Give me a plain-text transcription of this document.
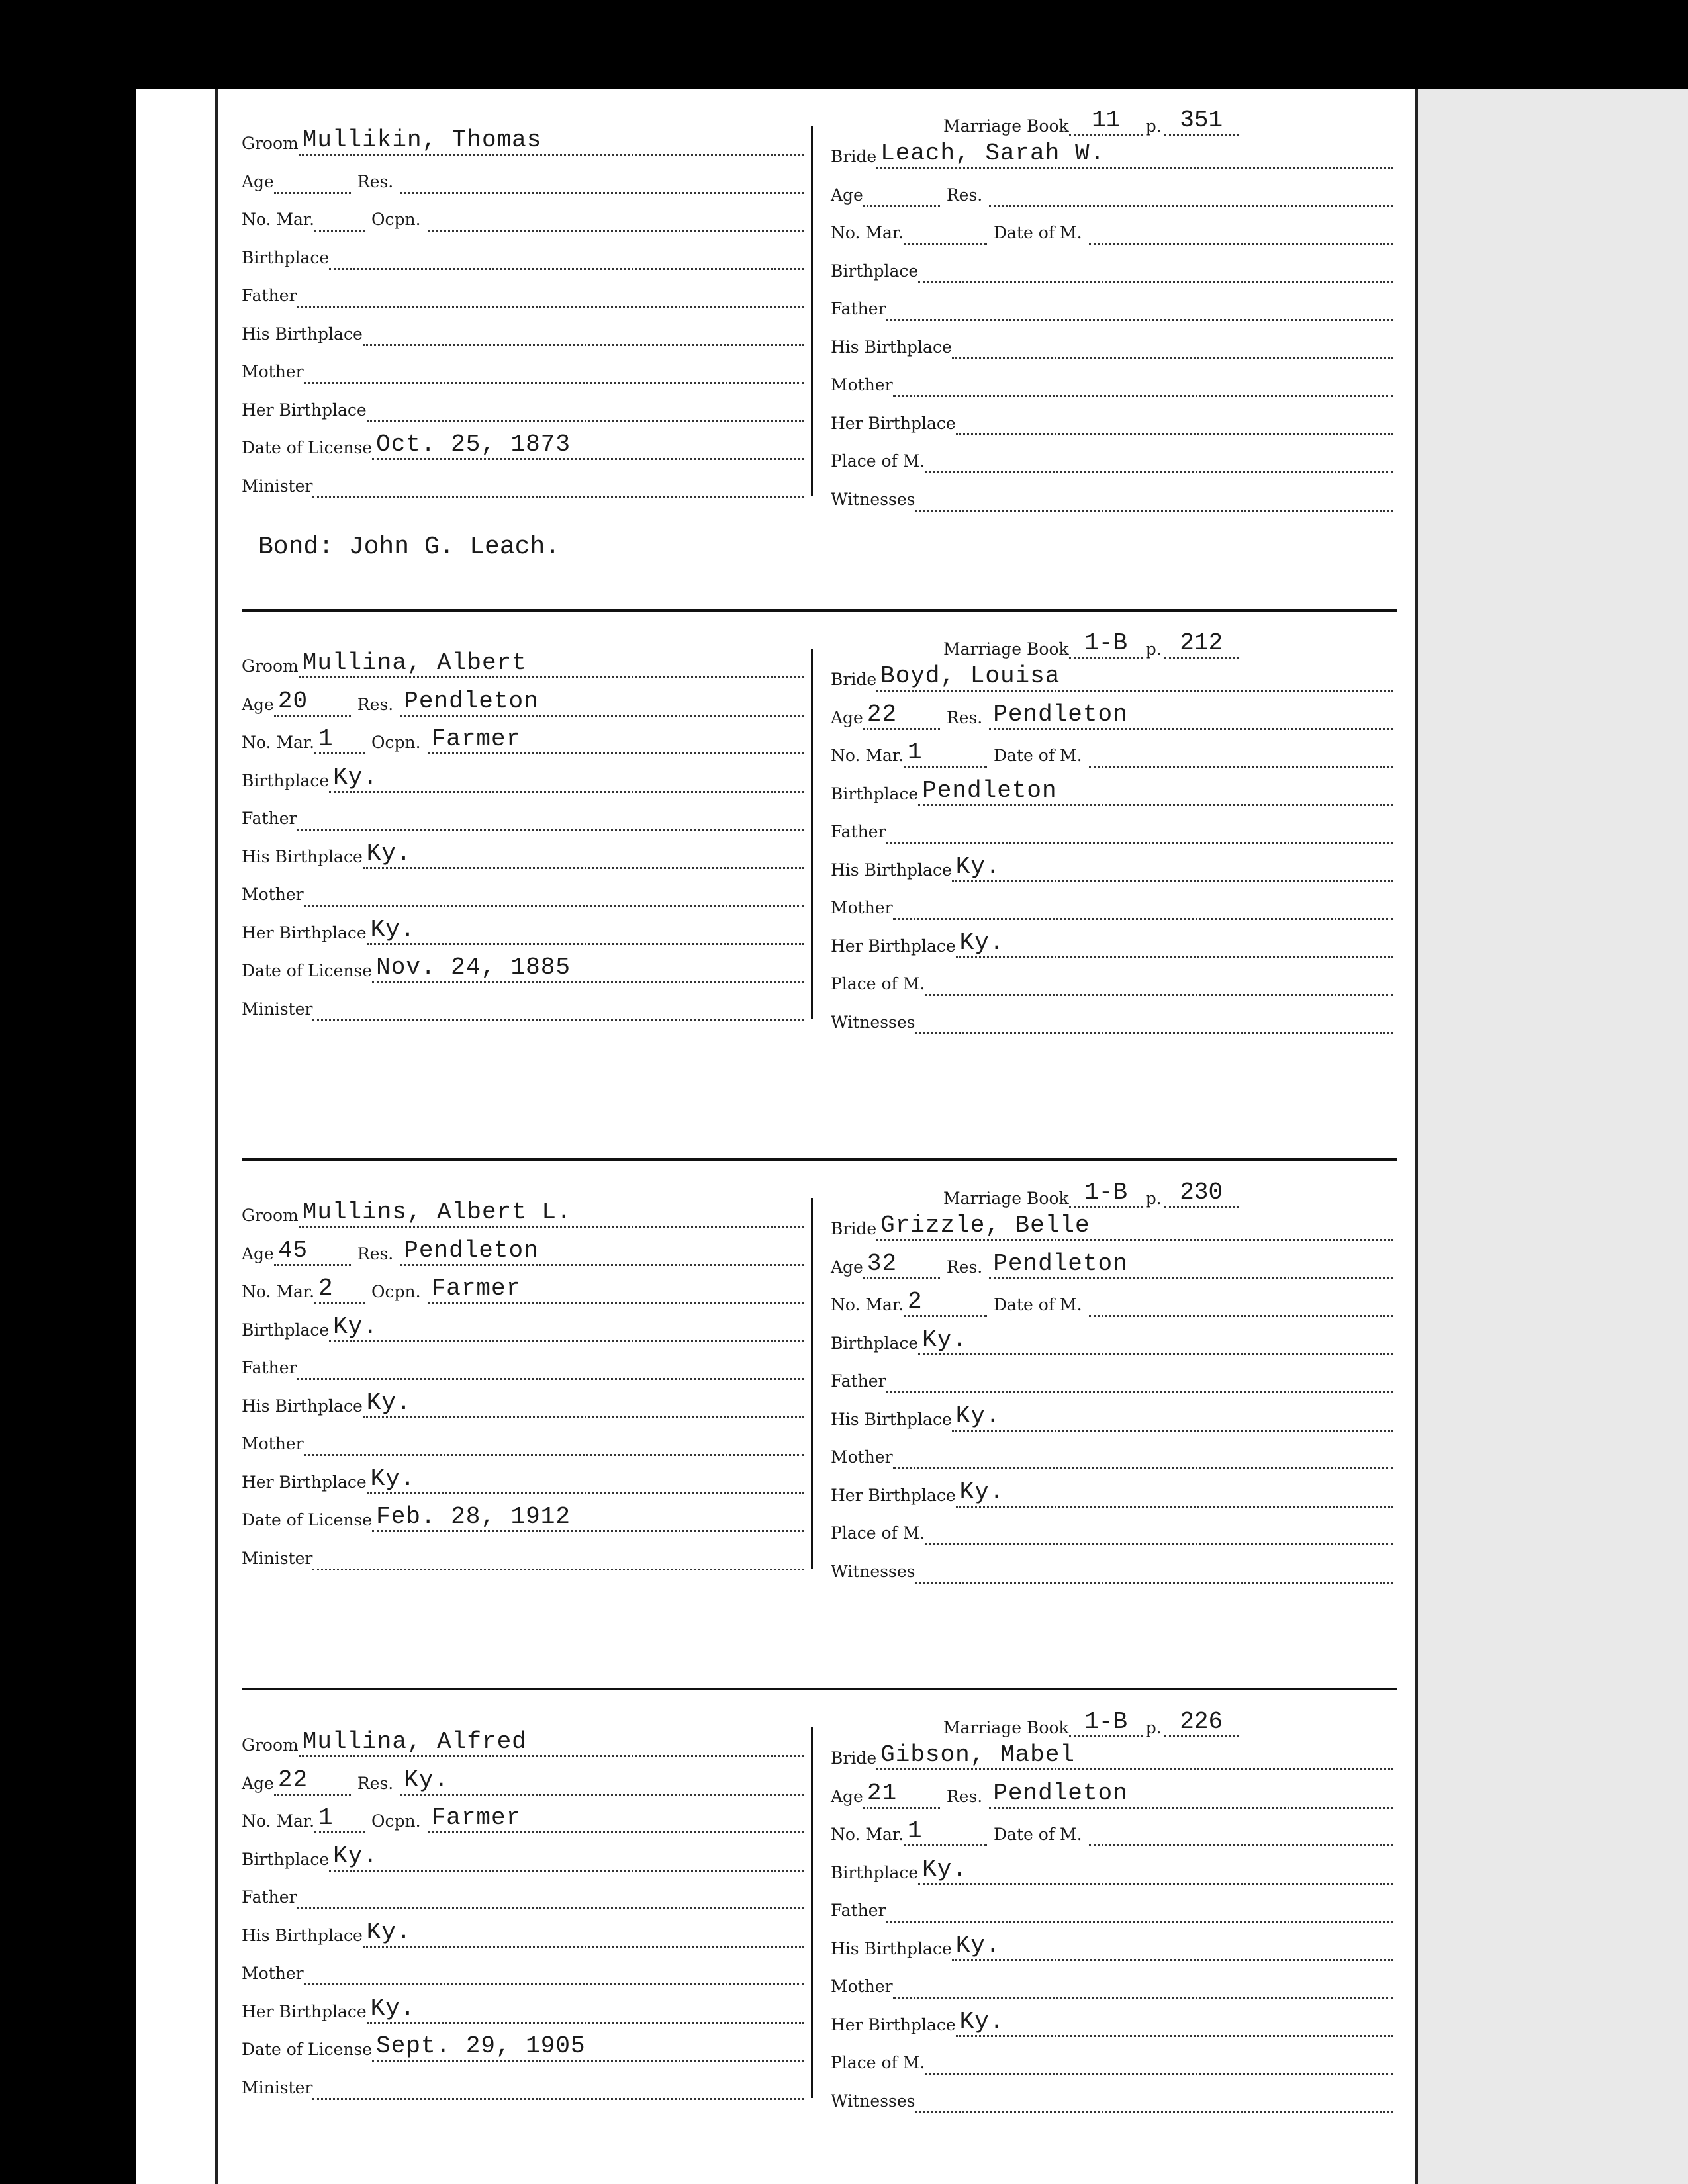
Groom Mullikin, Thomas
Age	Res.
No. Mar.	Ocpn.
Birthplace
Father
His Birthplace
Mother
Her Birthplace
Date of License Oct. 25, 1873
Minister
Marriage Book 11	p. 351
Bride Leach, Sarah W.
Age	Res.
No. Mar.	Date of M.
Birthplace
Father
His Birthplace
Mother
Her Birthplace
Place of M.
Witnesses
Bond: John G. Leach.
Groom Mullina, Albert
Age 20	Res. Pendleton
No. Mar. 1	Ocpn. Farmer
Birthplace Ky.
Father
His Birthplace Ky.
Mother
Her Birthplace Ky.
Date of License Nov. 24, 1885
Minister
Marriage Book 1-B	p. 212
Bride Boyd, Louisa
Age 22	Res. Pendleton
No. Mar. 1	Date of M.
Birthplace Pendleton
Father
His Birthplace Ky.
Mother
Her Birthplace Ky.
Place of M.
Witnesses
Groom Mullins, Albert L.
Age 45	Res. Pendleton
No. Mar. 2	Ocpn. Farmer
Birthplace Ky.
Father
His Birthplace Ky.
Mother
Her Birthplace Ky.
Date of License Feb. 28, 1912
Minister
Marriage Book 1-B	p. 230
Bride Grizzle, Belle
Age 32	Res. Pendleton
No. Mar. 2	Date of M.
Birthplace Ky.
Father
His Birthplace Ky.
Mother
Her Birthplace Ky.
Place of M.
Witnesses
Groom Mullina, Alfred
Age 22	Res. Ky.
No. Mar. 1	Ocpn. Farmer
Birthplace Ky.
Father
His Birthplace Ky.
Mother
Her Birthplace Ky.
Date of License Sept. 29, 1905
Minister
Marriage Book 1-B	p. 226
Bride Gibson, Mabel
Age 21	Res. Pendleton
No. Mar. 1	Date of M.
Birthplace Ky.
Father
His Birthplace Ky.
Mother
Her Birthplace Ky.
Place of M.
Witnesses
